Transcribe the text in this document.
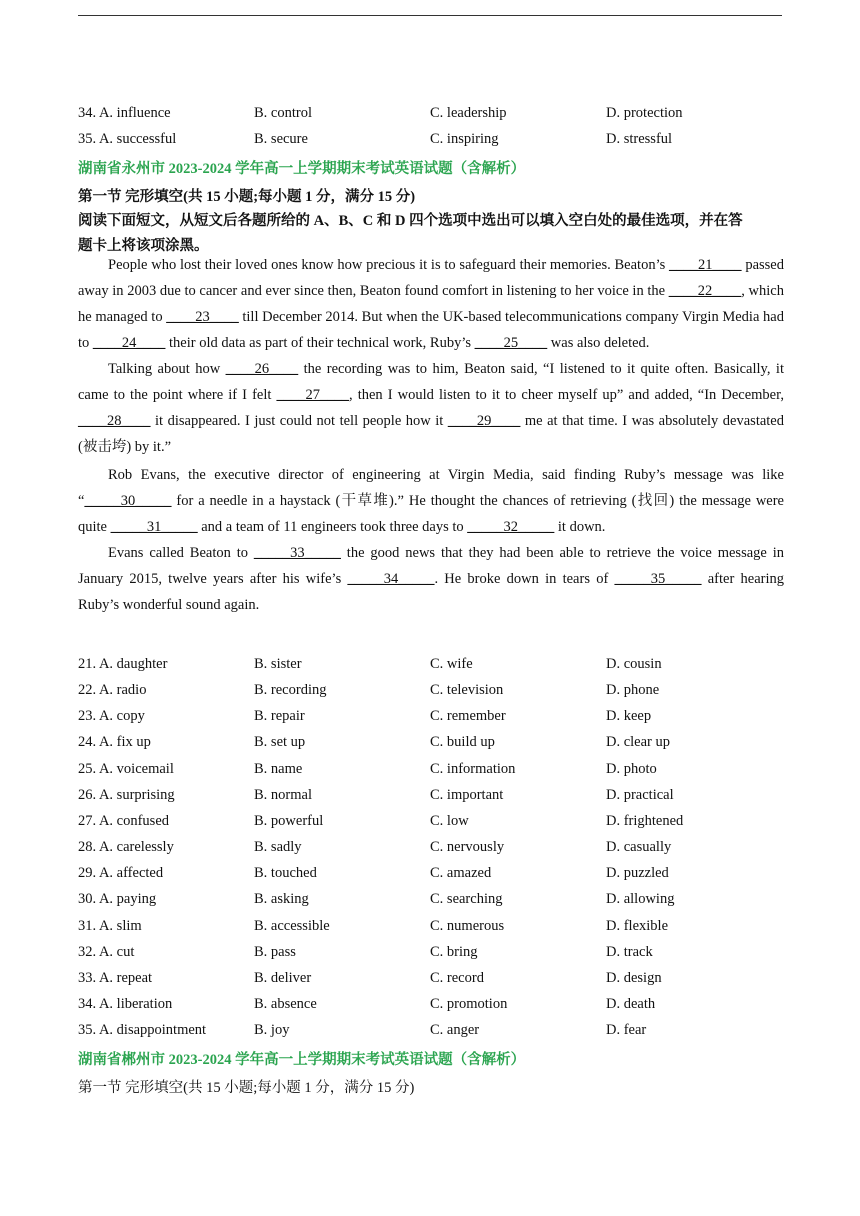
34. A. influence	B. control	C. leadership	D. protection
35. A. successful	B. secure	C. inspiring	D. stressful
湖南省永州市 2023-2024 学年高一上学期期末考试英语试题（含解析）
第一节 完形填空(共 15 小题;每小题 1 分，满分 15 分)
阅读下面短文，从短文后各题所给的 A、B、C 和 D 四个选项中选出可以填入空白处的最佳选项，并在答
题卡上将该项涂黑。

People who lost their loved ones know how precious it is to safeguard their memories. Beaton’s ____21____ passed away in 2003 due to cancer and ever since then, Beaton found comfort in listening to her voice in the ____22____, which he managed to ____23____ till December 2014. But when the UK-based telecommunications company Virgin Media had to ____24____ their old data as part of their technical work, Ruby’s ____25____ was also deleted.

Talking about how ____26____ the recording was to him, Beaton said, “I listened to it quite often. Basically, it came to the point where if I felt ____27____, then I would listen to it to cheer myself up” and added, “In December, ____28____ it disappeared. I just could not tell people how it ____29____ me at that time. I was absolutely devastated (被击垮) by it.”

Rob Evans, the executive director of engineering at Virgin Media, said finding Ruby’s message was like “_____30_____ for a needle in a haystack (干草堆).” He thought the chances of retrieving (找回) the message were quite _____31_____ and a team of 11 engineers took three days to _____32_____ it down.

Evans called Beaton to _____33_____ the good news that they had been able to retrieve the voice message in January 2015, twelve years after his wife’s _____34_____. He broke down in tears of _____35_____ after hearing Ruby’s wonderful sound again.

21. A. daughter	B. sister	C. wife	D. cousin
22. A. radio	B. recording	C. television	D. phone
23. A. copy	B. repair	C. remember	D. keep
24. A. fix up	B. set up	C. build up	D. clear up
25. A. voicemail	B. name	C. information	D. photo
26. A. surprising	B. normal	C. important	D. practical
27. A. confused	B. powerful	C. low	D. frightened
28. A. carelessly	B. sadly	C. nervously	D. casually
29. A. affected	B. touched	C. amazed	D. puzzled
30. A. paying	B. asking	C. searching	D. allowing
31. A. slim	B. accessible	C. numerous	D. flexible
32. A. cut	B. pass	C. bring	D. track
33. A. repeat	B. deliver	C. record	D. design
34. A. liberation	B. absence	C. promotion	D. death
35. A. disappointment	B. joy	C. anger	D. fear
湖南省郴州市 2023-2024 学年高一上学期期末考试英语试题（含解析）
第一节 完形填空(共 15 小题;每小题 1 分，满分 15 分)
